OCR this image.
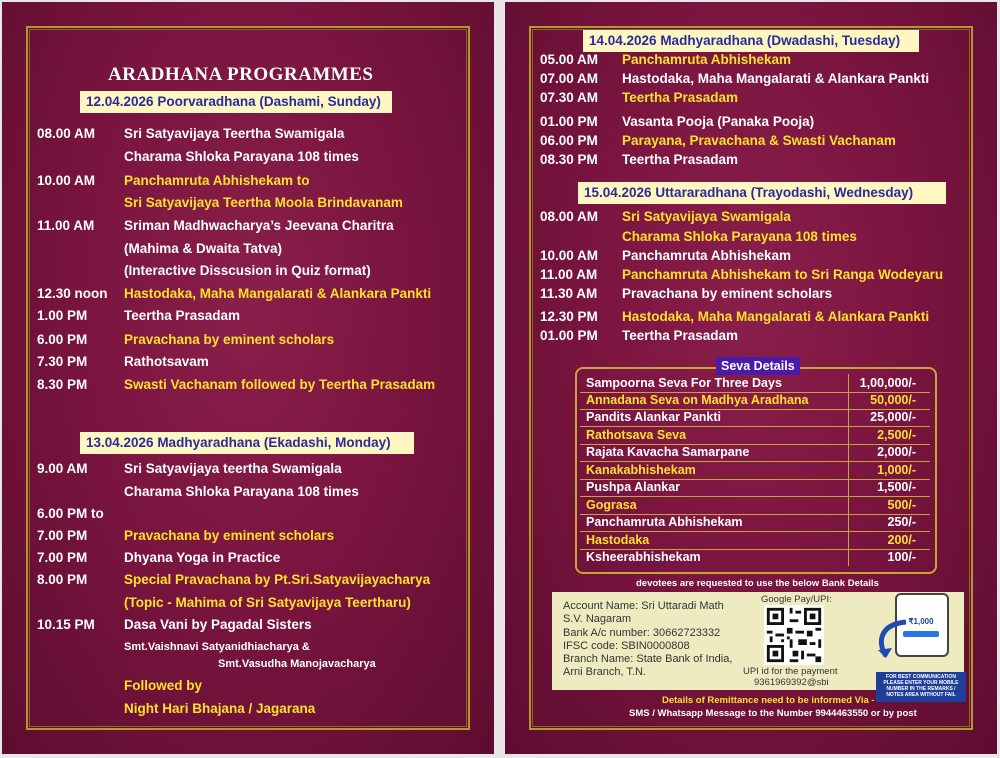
ARADHANA PROGRAMMES
12.04.2026 Poorvaradhana (Dashami, Sunday)
08.00 AM Sri Satyavijaya Teertha Swamigala
Charama Shloka Parayana 108 times
10.00 AM Panchamruta Abhishekam to
Sri Satyavijaya Teertha Moola Brindavanam
11.00 AM Sriman Madhwacharya’s Jeevana Charitra
(Mahima & Dwaita Tatva)
(Interactive Disscusion in Quiz format)
12.30 noon Hastodaka, Maha Mangalarati & Alankara Pankti
1.00 PM	Teertha Prasadam
6.00 PM	Pravachana by eminent scholars
7.30 PM	Rathotsavam
8.30 PM	Swasti Vachanam followed by Teertha Prasadam
13.04.2026 Madhyaradhana (Ekadashi, Monday)
9.00 AM	Sri Satyavijaya teertha Swamigala
Charama Shloka Parayana 108 times
6.00 PM to
7.00 PM	Pravachana by eminent scholars
7.00 PM	Dhyana Yoga in Practice
8.00 PM	Special Pravachana by Pt.Sri.Satyavijayacharya
(Topic - Mahima of Sri Satyavijaya Teertharu)
10.15 PM Dasa Vani by Pagadal Sisters
Smt.Vaishnavi Satyanidhiacharya &
Smt.Vasudha Manojavacharya
Followed by
Night Hari Bhajana / Jagarana
14.04.2026 Madhyaradhana (Dwadashi, Tuesday)
05.00 AM Panchamruta Abhishekam
07.00 AM Hastodaka, Maha Mangalarati & Alankara Pankti
07.30 AM Teertha Prasadam
01.00 PM Vasanta Pooja (Panaka Pooja)
06.00 PM Parayana, Pravachana & Swasti Vachanam
08.30 PM Teertha Prasadam
15.04.2026 Uttararadhana (Trayodashi, Wednesday)
08.00 AM Sri Satyavijaya Swamigala
Charama Shloka Parayana 108 times
10.00 AM Panchamruta Abhishekam
11.00 AM Panchamruta Abhishekam to Sri Ranga Wodeyaru
11.30 AM Pravachana by eminent scholars
12.30 PM Hastodaka, Maha Mangalarati & Alankara Pankti
01.00 PM Teertha Prasadam
Seva Details
Sampoorna Seva For Three Days	1,00,000/-
Annadana Seva on Madhya Aradhana	50,000/-
Pandits Alankar Pankti	25,000/-
Rathotsava Seva	2,500/-
Rajata Kavacha Samarpane	2,000/-
Kanakabhishekam	1,000/-
Pushpa Alankar	1,500/-
Gograsa	500/-
Panchamruta Abhishekam	250/-
Hastodaka	200/-
Ksheerabhishekam	100/-
devotees are requested to use the below Bank Details
Account Name: Sri Uttaradi Math
S.V. Nagaram
Bank A/c number: 30662723332
IFSC code: SBIN0000808
Branch Name: State Bank of India,
Arni Branch, T.N.
Google Pay/UPI:
UPI id for the payment
9361969392@sbi
₹1,000
FOR BEST COMMUNICATION PLEASE ENTER YOUR MOBILE NUMBER IN THE REMARKS / NOTES AREA WITHOUT FAIL
Details of Remittance need to be informed Via -
SMS / Whatsapp Message to the Number 9944463550 or by post
